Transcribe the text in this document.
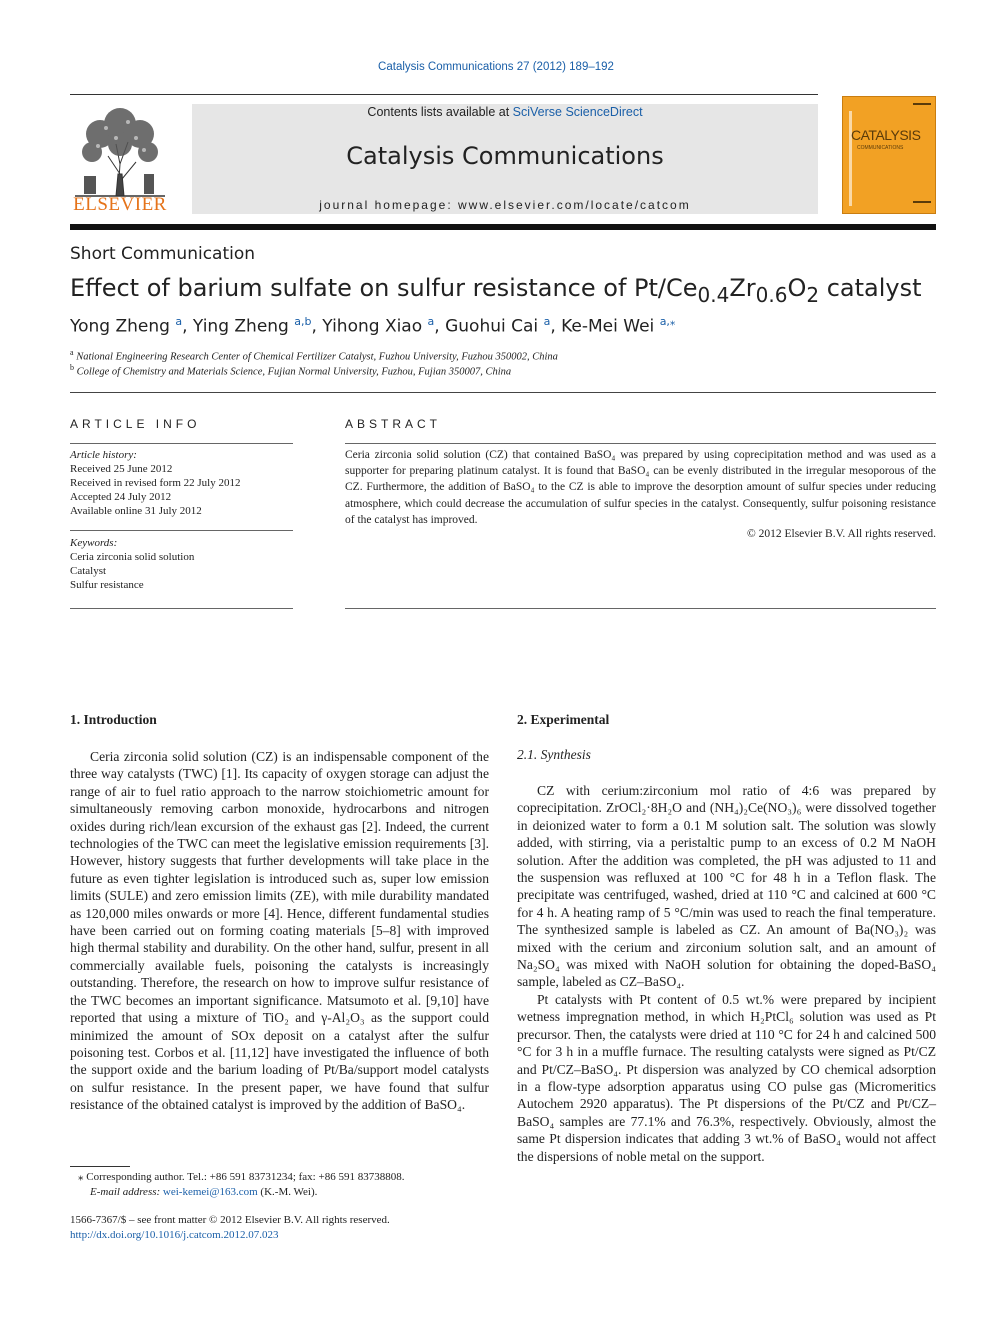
Catalysis Communications 27 (2012) 189–192
ELSEVIER
Contents lists available at SciVerse ScienceDirect
Catalysis Communications
journal homepage: www.elsevier.com/locate/catcom
CATALYSIS
COMMUNICATIONS
Short Communication
Effect of barium sulfate on sulfur resistance of $Pt/Ce_{0.4}Zr_{0.6}O_2$ catalyst
Yong Zheng $^a$, Ying Zheng $^{a,b}$, Yihong Xiao $^a$, Guohui Cai $^a$, Ke-Mei Wei $^{a,⁎}$
$^a$ National Engineering Research Center of Chemical Fertilizer Catalyst, Fuzhou University, Fuzhou 350002, China
$^b$ College of Chemistry and Materials Science, Fujian Normal University, Fuzhou, Fujian 350007, China
ARTICLE INFO
Article history:
Received 25 June 2012
Received in revised form 22 July 2012
Accepted 24 July 2012
Available online 31 July 2012
Keywords:
Ceria zirconia solid solution
Catalyst
Sulfur resistance
ABSTRACT
Ceria zirconia solid solution (CZ) that contained BaSO₄ was prepared by using coprecipitation method and was used as a supporter for preparing platinum catalyst. It is found that BaSO₄ can be evenly distributed in the irregular mesoporous of the CZ. Furthermore, the addition of BaSO₄ to the CZ is able to improve the desorption amount of sulfur species under reducing atmosphere, which could decrease the accumulation of sulfur species in the catalyst. Consequently, sulfur poisoning resistance of the catalyst has improved.
© 2012 Elsevier B.V. All rights reserved.
1. Introduction

Ceria zirconia solid solution (CZ) is an indispensable component of the three way catalysts (TWC) [1]. Its capacity of oxygen storage can adjust the range of air to fuel ratio approach to the narrow stoichiometric amount for simultaneously removing carbon monoxide, hydrocarbons and nitrogen oxides during rich/lean excursion of the exhaust gas [2]. Indeed, the current technologies of the TWC can meet the legislative emission requirements [3]. However, history suggests that further developments will take place in the future as even tighter legislation is introduced such as, super low emission limits (SULE) and zero emission limits (ZE), with mile durability mandated as 120,000 miles onwards or more [4]. Hence, different fundamental studies have been carried out on forming coating materials [5–8] with improved high thermal stability and durability. On the other hand, sulfur, present in all commercially available fuels, poisoning the catalysts is increasingly outstanding. Therefore, the research on how to improve sulfur resistance of the TWC becomes an important significance. Matsumoto et al. [9,10] have reported that using a mixture of TiO₂ and γ-Al₂O₃ as the support could minimized the amount of SOx deposit on a catalyst after the sulfur poisoning test. Corbos et al. [11,12] have investigated the influence of both the support oxide and the barium loading of Pt/Ba/support model catalysts on sulfur resistance. In the present paper, we have found that sulfur resistance of the obtained catalyst is improved by the addition of BaSO₄.

⁎ Corresponding author. Tel.: +86 591 83731234; fax: +86 591 83738808.
E-mail address: wei-kemei@163.com (K.-M. Wei).
1566-7367/$ – see front matter © 2012 Elsevier B.V. All rights reserved.
http://dx.doi.org/10.1016/j.catcom.2012.07.023
2. Experimental
2.1. Synthesis

CZ with cerium:zirconium mol ratio of 4:6 was prepared by coprecipitation. ZrOCl₂·8H₂O and (NH₄)₂Ce(NO₃)₆ were dissolved together in deionized water to form a 0.1 M solution salt. The solution was slowly added, with stirring, via a peristaltic pump to an excess of 0.2 M NaOH solution. After the addition was completed, the pH was adjusted to 11 and the suspension was refluxed at 100 °C for 48 h in a Teflon flask. The precipitate was centrifuged, washed, dried at 110 °C and calcined at 600 °C for 4 h. A heating ramp of 5 °C/min was used to reach the final temperature. The synthesized sample is labeled as CZ. An amount of Ba(NO₃)₂ was mixed with the cerium and zirconium solution salt, and an amount of Na₂SO₄ was mixed with NaOH solution for obtaining the doped-BaSO₄ sample, labeled as CZ–BaSO₄.

Pt catalysts with Pt content of 0.5 wt.% were prepared by incipient wetness impregnation method, in which H₂PtCl₆ solution was used as Pt precursor. Then, the catalysts were dried at 110 °C for 24 h and calcined 500 °C for 3 h in a muffle furnace. The resulting catalysts were signed as Pt/CZ and Pt/CZ–BaSO₄. Pt dispersion was analyzed by CO chemical adsorption in a flow-type adsorption apparatus using CO pulse gas (Micromeritics Autochem 2920 apparatus). The Pt dispersions of the Pt/CZ and Pt/CZ–BaSO₄ samples are 77.1% and 76.3%, respectively. Obviously, almost the same Pt dispersion indicates that adding 3 wt.% of BaSO₄ would not affect the dispersions of noble metal on the support.
